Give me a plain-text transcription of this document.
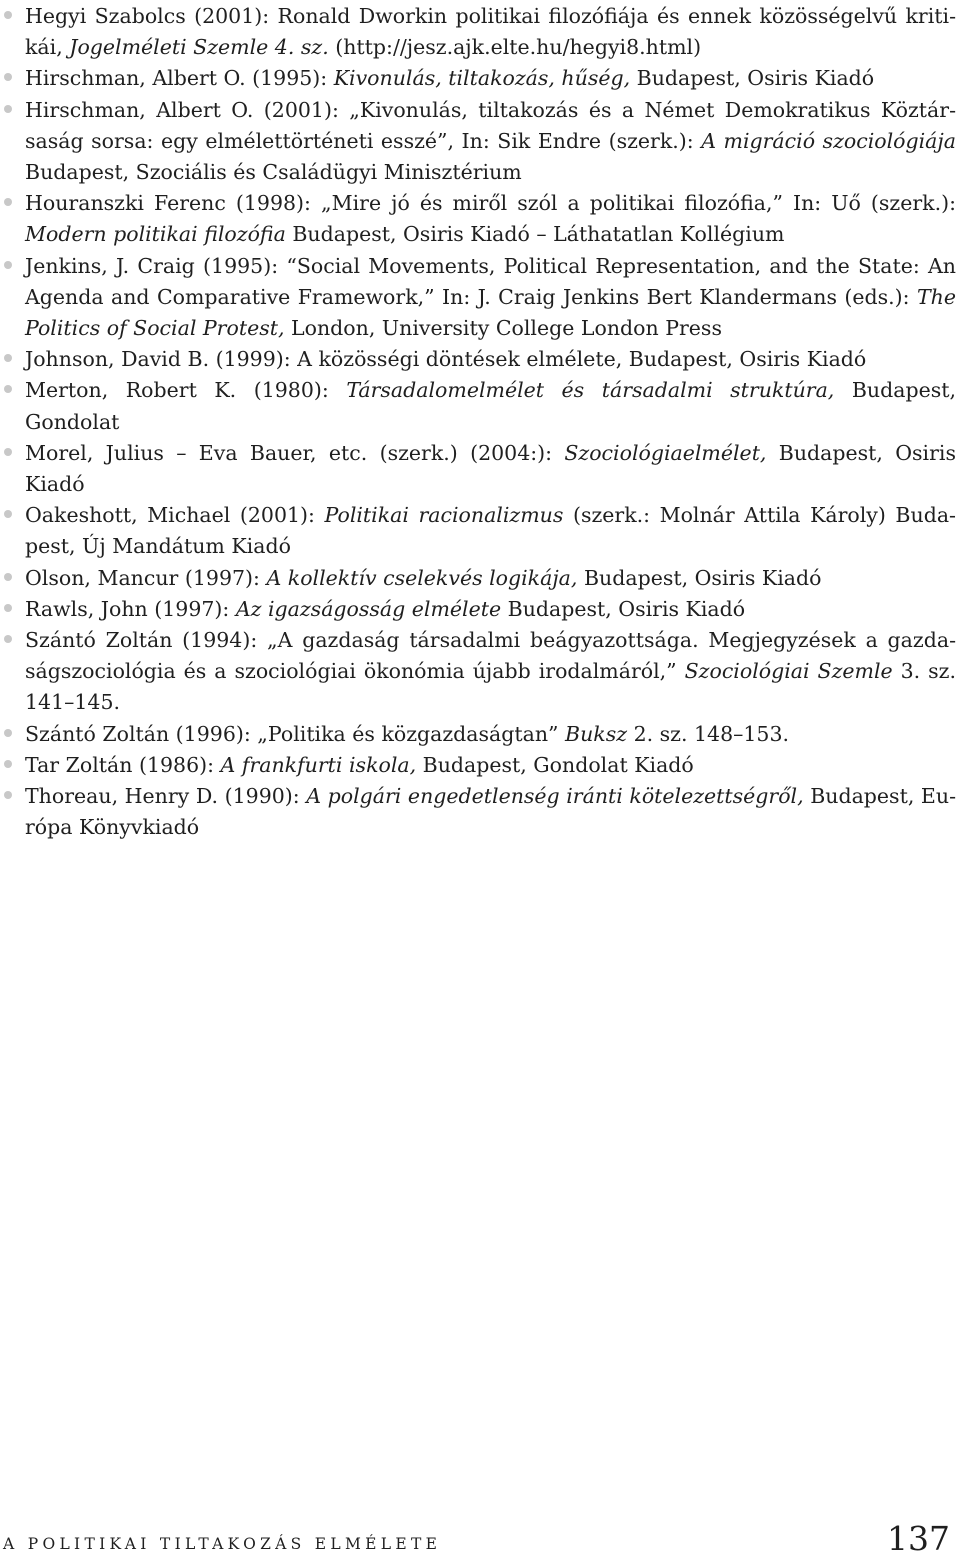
Hegyi Szabolcs (2001): Ronald Dworkin politikai filozófiája és ennek közösségelvű kritikái, Jogelméleti Szemle 4. sz. (http://jesz.ajk.elte.hu/hegyi8.html)
Hirschman, Albert O. (1995): Kivonulás, tiltakozás, hűség, Budapest, Osiris Kiadó
Hirschman, Albert O. (2001): „Kivonulás, tiltakozás és a Német Demokratikus Köztársaság sorsa: egy elmélettörténeti esszé”, In: Sik Endre (szerk.): A migráció szociológiája Budapest, Szociális és Családügyi Minisztérium
Houranszki Ferenc (1998): „Mire jó és miről szól a politikai filozófia,” In: Uő (szerk.): Modern politikai filozófia Budapest, Osiris Kiadó – Láthatatlan Kollégium
Jenkins, J. Craig (1995): “Social Movements, Political Representation, and the State: An Agenda and Comparative Framework,” In: J. Craig Jenkins Bert Klandermans (eds.): The Politics of Social Protest, London, University College London Press
Johnson, David B. (1999): A közösségi döntések elmélete, Budapest, Osiris Kiadó
Merton, Robert K. (1980): Társadalomelmélet és társadalmi struktúra, Budapest, Gondolat
Morel, Julius – Eva Bauer, etc. (szerk.) (2004:): Szociológiaelmélet, Budapest, Osiris Kiadó
Oakeshott, Michael (2001): Politikai racionalizmus (szerk.: Molnár Attila Károly) Budapest, Új Mandátum Kiadó
Olson, Mancur (1997): A kollektív cselekvés logikája, Budapest, Osiris Kiadó
Rawls, John (1997): Az igazságosság elmélete Budapest, Osiris Kiadó
Szántó Zoltán (1994): „A gazdaság társadalmi beágyazottsága. Megjegyzések a gazdaságszociológia és a szociológiai ökonómia újabb irodalmáról,” Szociológiai Szemle 3. sz. 141–145.
Szántó Zoltán (1996): „Politika és közgazdaságtan” Buksz 2. sz. 148–153.
Tar Zoltán (1986): A frankfurti iskola, Budapest, Gondolat Kiadó
Thoreau, Henry D. (1990): A polgári engedetlenség iránti kötelezettségről, Budapest, Európa Könyvkiadó
A POLITIKAI TILTAKOZÁS ELMÉLETE	137
